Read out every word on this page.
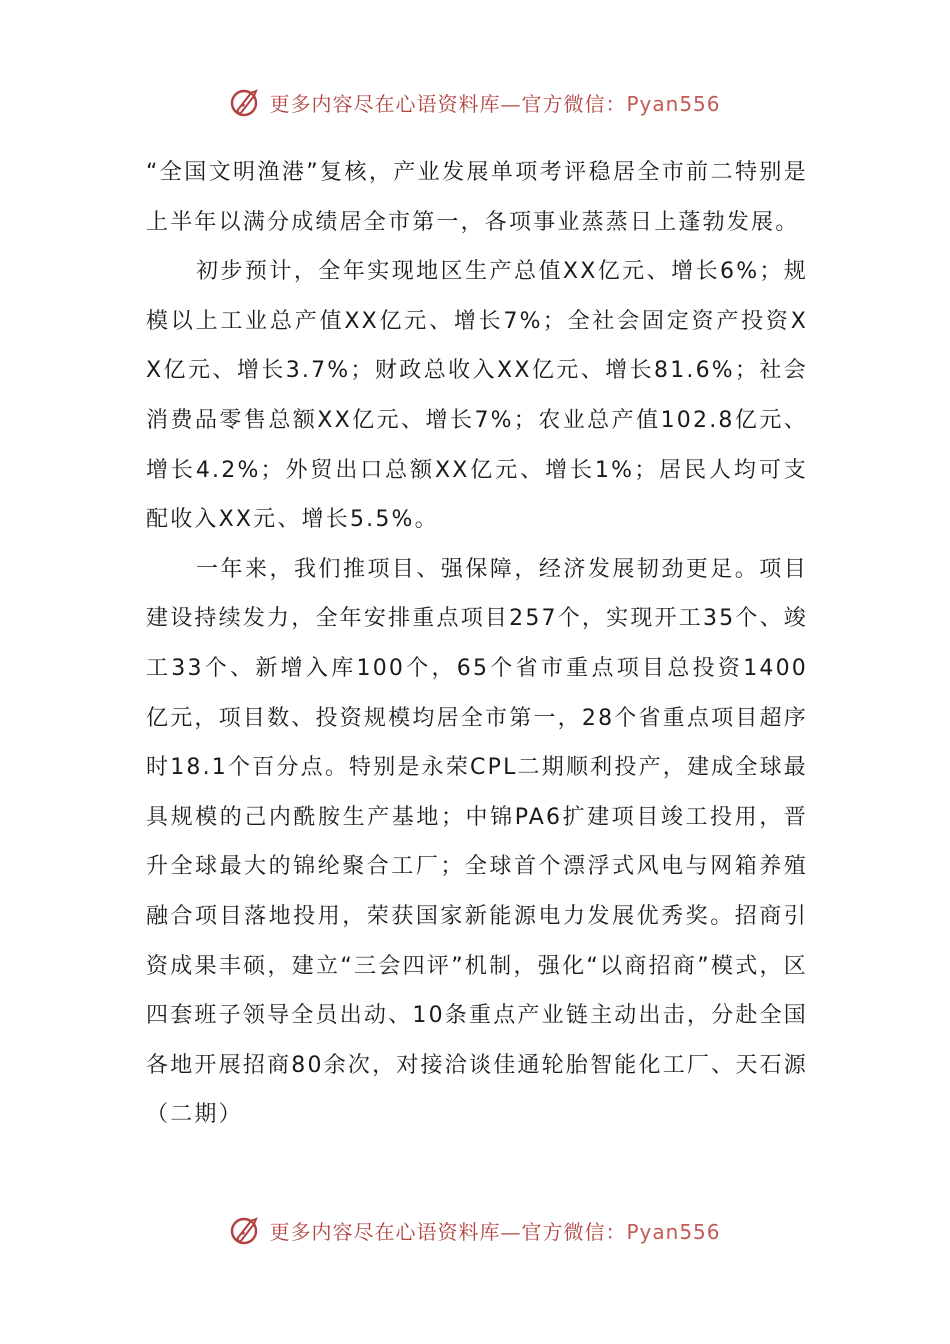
更多内容尽在心语资料库—官方微信：Pyan556

“全国文明渔港”复核，产业发展单项考评稳居全市前二特别是上半年以满分成绩居全市第一，各项事业蒸蒸日上蓬勃发展。

初步预计，全年实现地区生产总值XX亿元、增长6%；规模以上工业总产值XX亿元、增长7%；全社会固定资产投资XX亿元、增长3.7%；财政总收入XX亿元、增长81.6%；社会消费品零售总额XX亿元、增长7%；农业总产值102.8亿元、增长4.2%；外贸出口总额XX亿元、增长1%；居民人均可支配收入XX元、增长5.5%。

一年来，我们推项目、强保障，经济发展韧劲更足。项目建设持续发力，全年安排重点项目257个，实现开工35个、竣工33个、新增入库100个，65个省市重点项目总投资1400亿元，项目数、投资规模均居全市第一，28个省重点项目超序时18.1个百分点。特别是永荣CPL二期顺利投产，建成全球最具规模的己内酰胺生产基地；中锦PA6扩建项目竣工投用，晋升全球最大的锦纶聚合工厂；全球首个漂浮式风电与网箱养殖融合项目落地投用，荣获国家新能源电力发展优秀奖。招商引资成果丰硕，建立“三会四评”机制，强化“以商招商”模式，区四套班子领导全员出动、10条重点产业链主动出击，分赴全国各地开展招商80余次，对接洽谈佳通轮胎智能化工厂、天石源（二期）

更多内容尽在心语资料库—官方微信：Pyan556
